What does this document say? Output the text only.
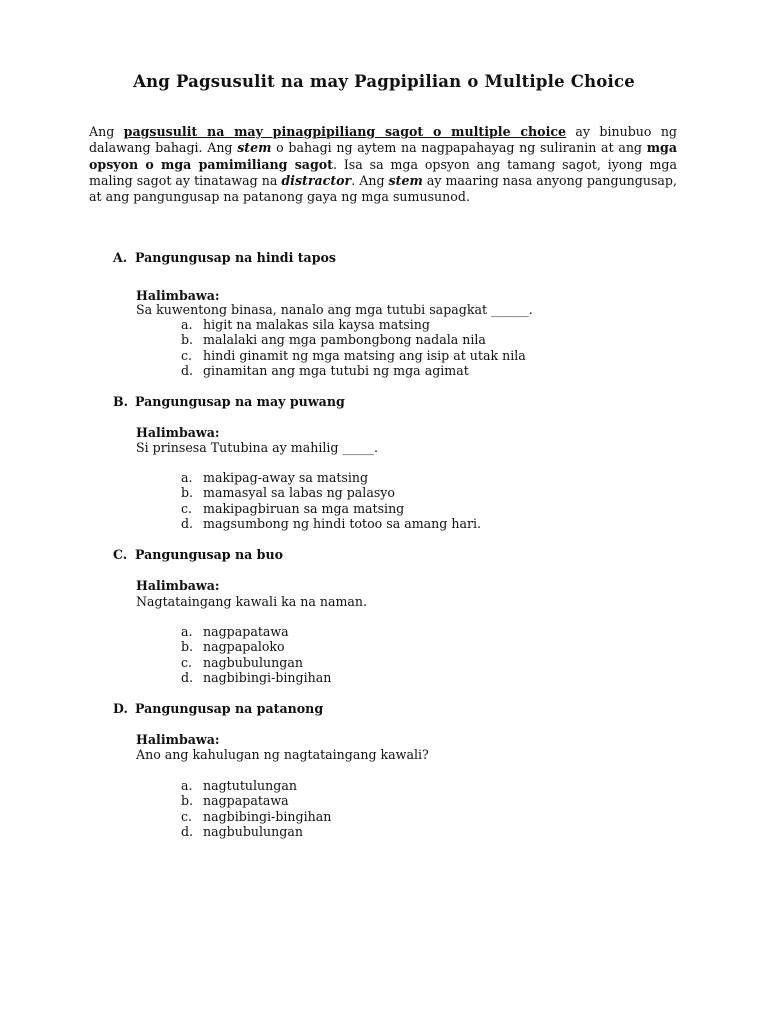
Ang Pagsusulit na may Pagpipilian o Multiple Choice

Ang pagsusulit na may pinagpipiliang sagot o multiple choice ay binubuo ng dalawang bahagi. Ang stem o bahagi ng aytem na nagpapahayag ng suliranin at ang mga opsyon o mga pamimiliang sagot. Isa sa mga opsyon ang tamang sagot, iyong mga maling sagot ay tinatawag na distractor. Ang stem ay maaring nasa anyong pangungusap, at ang pangungusap na patanong gaya ng mga sumusunod.

A. Pangungusap na hindi tapos

Halimbawa:

Sa kuwentong binasa, nanalo ang mga tutubi sapagkat ______.

a. higit na malakas sila kaysa matsing
b. malalaki ang mga pambongbong nadala nila
c. hindi ginamit ng mga matsing ang isip at utak nila
d. ginamitan ang mga tutubi ng mga agimat

B. Pangungusap na may puwang

Halimbawa:

Si prinsesa Tutubina ay mahilig _____.

a. makipag-away sa matsing
b. mamasyal sa labas ng palasyo
c. makipagbiruan sa mga matsing
d. magsumbong ng hindi totoo sa amang hari.

C. Pangungusap na buo

Halimbawa:

Nagtataingang kawali ka na naman.

a. nagpapatawa
b. nagpapaloko
c. nagbubulungan
d. nagbibingi-bingihan

D. Pangungusap na patanong

Halimbawa:

Ano ang kahulugan ng nagtataingang kawali?

a. nagtutulungan
b. nagpapatawa
c. nagbibingi-bingihan
d. nagbubulungan
